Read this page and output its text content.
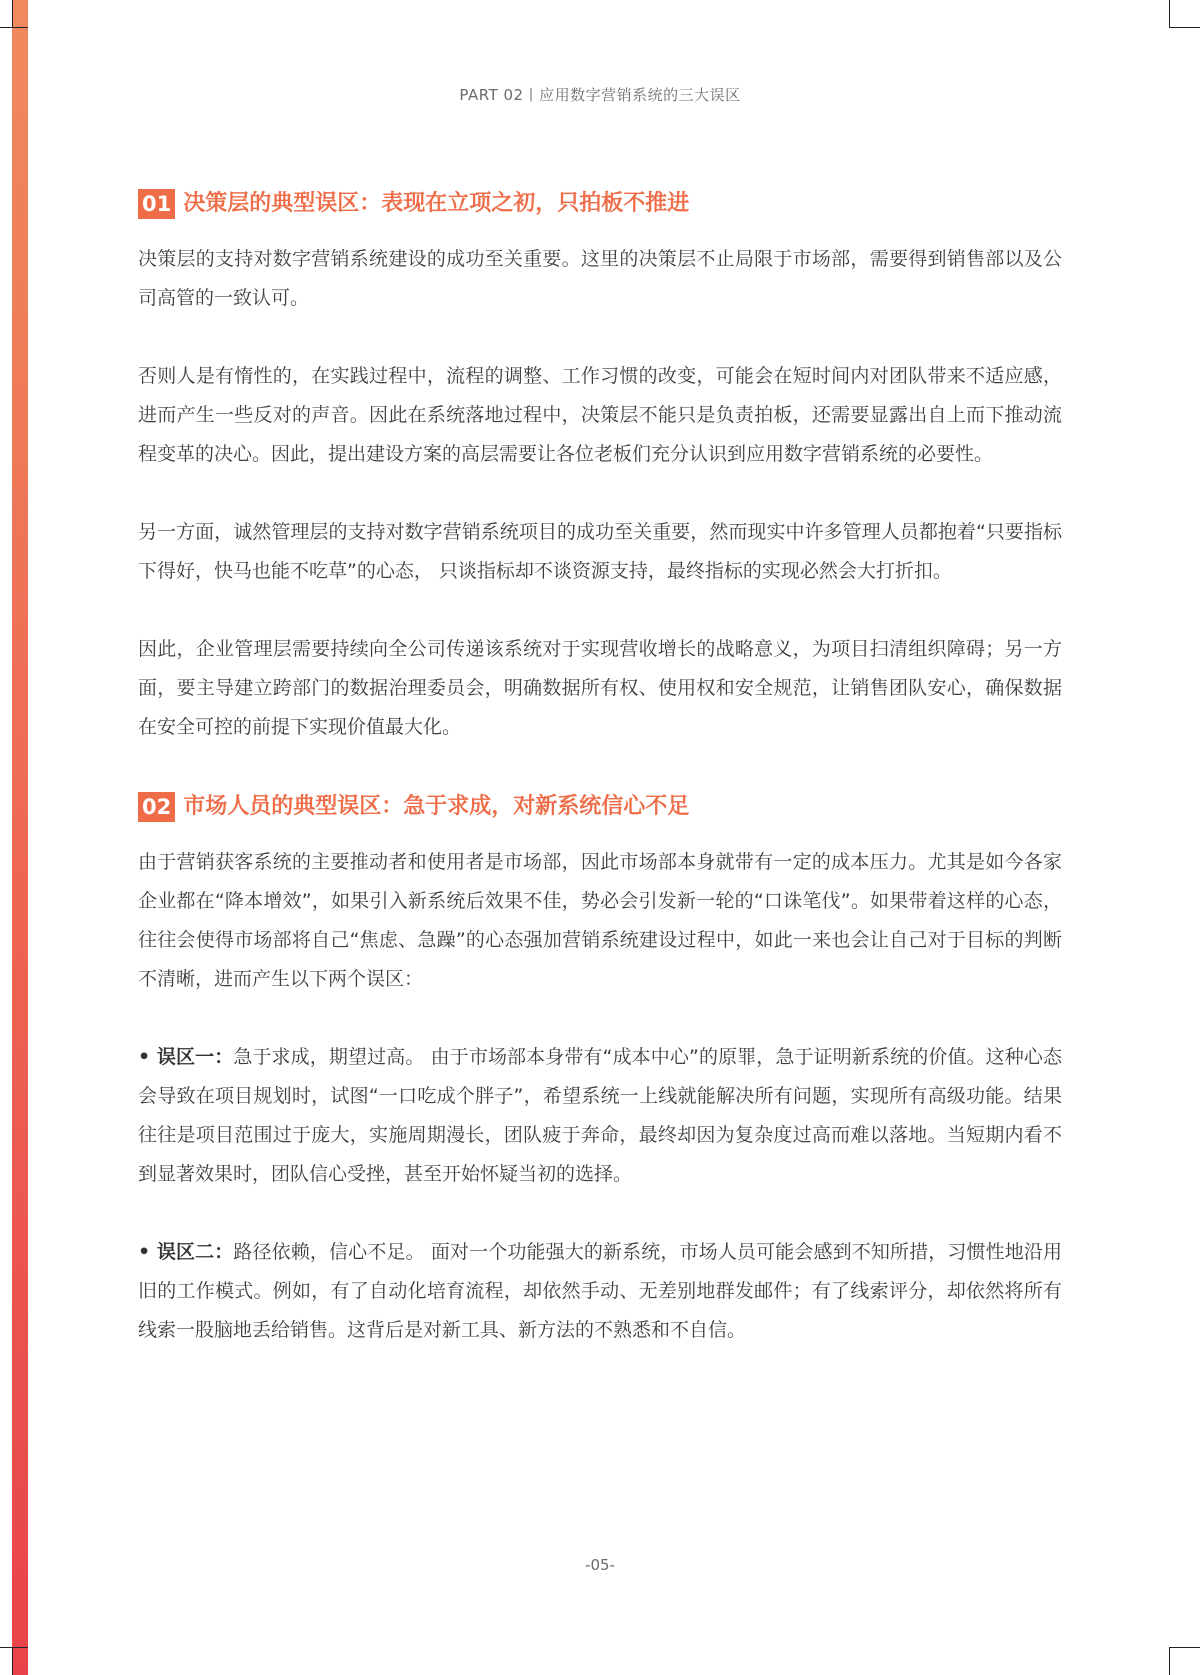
PART 02丨应用数字营销系统的三大误区
01 决策层的典型误区：表现在立项之初，只拍板不推进

决策层的支持对数字营销系统建设的成功至关重要。这里的决策层不止局限于市场部，需要得到销售部以及公司高管的一致认可。

否则人是有惰性的，在实践过程中，流程的调整、工作习惯的改变，可能会在短时间内对团队带来不适应感，进而产生一些反对的声音。因此在系统落地过程中，决策层不能只是负责拍板，还需要显露出自上而下推动流程变革的决心。因此，提出建设方案的高层需要让各位老板们充分认识到应用数字营销系统的必要性。

另一方面，诚然管理层的支持对数字营销系统项目的成功至关重要，然而现实中许多管理人员都抱着“只要指标下得好，快马也能不吃草”的心态， 只谈指标却不谈资源支持，最终指标的实现必然会大打折扣。

因此，企业管理层需要持续向全公司传递该系统对于实现营收增长的战略意义，为项目扫清组织障碍；另一方面，要主导建立跨部门的数据治理委员会，明确数据所有权、使用权和安全规范，让销售团队安心，确保数据在安全可控的前提下实现价值最大化。

02 市场人员的典型误区：急于求成，对新系统信心不足

由于营销获客系统的主要推动者和使用者是市场部，因此市场部本身就带有一定的成本压力。尤其是如今各家企业都在“降本增效”，如果引入新系统后效果不佳，势必会引发新一轮的“口诛笔伐”。如果带着这样的心态，往往会使得市场部将自己“焦虑、急躁”的心态强加营销系统建设过程中，如此一来也会让自己对于目标的判断不清晰，进而产生以下两个误区：

• 误区一：急于求成，期望过高。 由于市场部本身带有“成本中心”的原罪，急于证明新系统的价值。这种心态会导致在项目规划时，试图“一口吃成个胖子”，希望系统一上线就能解决所有问题，实现所有高级功能。结果往往是项目范围过于庞大，实施周期漫长，团队疲于奔命，最终却因为复杂度过高而难以落地。当短期内看不到显著效果时，团队信心受挫，甚至开始怀疑当初的选择。

• 误区二：路径依赖，信心不足。 面对一个功能强大的新系统，市场人员可能会感到不知所措，习惯性地沿用旧的工作模式。例如，有了自动化培育流程，却依然手动、无差别地群发邮件；有了线索评分，却依然将所有线索一股脑地丢给销售。这背后是对新工具、新方法的不熟悉和不自信。

-05-
